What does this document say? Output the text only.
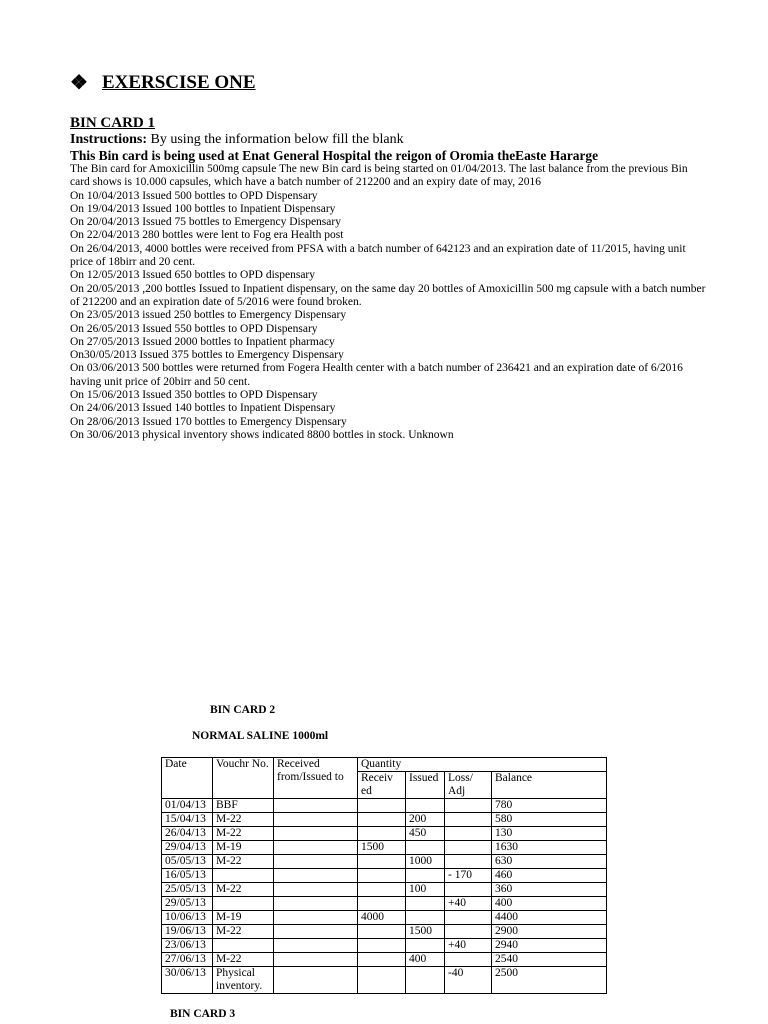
❖ EXERSCISE ONE
BIN CARD 1
Instructions: By using the information below fill the blank
This Bin card is being used at Enat General Hospital the reigon of Oromia theEaste Hararge
The Bin card for Amoxicillin 500mg capsule The new Bin card is being started on 01/04/2013. The last balance from the previous Bin card shows is 10.000 capsules, which have a batch number of 212200 and an expiry date of may, 2016
On 10/04/2013 Issued 500 bottles to OPD Dispensary
On 19/04/2013 Issued 100 bottles to Inpatient Dispensary
On 20/04/2013 Issued 75 bottles to Emergency Dispensary
On 22/04/2013 280 bottles were lent to Fog era Health post
On 26/04/2013, 4000 bottles were received from PFSA with a batch number of 642123 and an expiration date of 11/2015, having unit price of 18birr and 20 cent.
On 12/05/2013 Issued 650 bottles to OPD dispensary
On 20/05/2013 ,200 bottles Issued to Inpatient dispensary, on the same day 20 bottles of Amoxicillin 500 mg capsule with a batch number of 212200 and an expiration date of 5/2016 were found broken.
On 23/05/2013 issued 250 bottles to Emergency Dispensary
On 26/05/2013 Issued 550 bottles to OPD Dispensary
On 27/05/2013 Issued 2000 bottles to Inpatient pharmacy
On30/05/2013 Issued 375 bottles to Emergency Dispensary
On 03/06/2013 500 bottles were returned from Fogera Health center with a batch number of 236421 and an expiration date of 6/2016 having unit price of 20birr and 50 cent.
On 15/06/2013 Issued 350 bottles to OPD Dispensary
On 24/06/2013 Issued 140 bottles to Inpatient Dispensary
On 28/06/2013 Issued 170 bottles to Emergency Dispensary
On 30/06/2013 physical inventory shows indicated 8800 bottles in stock. Unknown
BIN CARD 2
NORMAL SALINE 1000ml
Date	Vouchr No.	Received from/Issued to	Quantity			
			Receiv ed	Issued	Loss/ Adj	Balance
01/04/13	BBF					780
15/04/13	M-22			200		580
26/04/13	M-22			450		130
29/04/13	M-19		1500			1630
05/05/13	M-22			1000		630
16/05/13					- 170	460
25/05/13	M-22			100		360
29/05/13					+40	400
10/06/13	M-19		4000			4400
19/06/13	M-22			1500		2900
23/06/13					+40	2940
27/06/13	M-22			400		2540
30/06/13	Physical inventory.				-40	2500
BIN CARD 3
